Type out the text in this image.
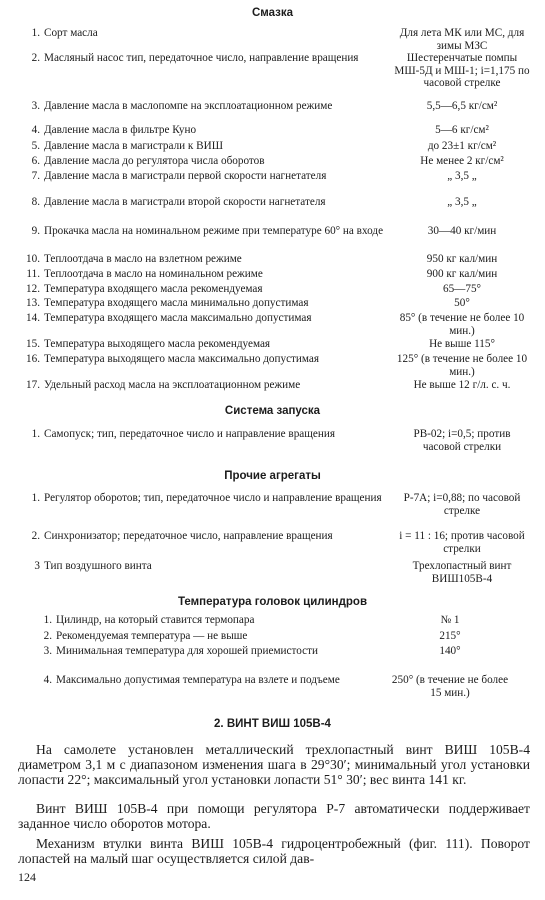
Смазка
1. Сорт масла	Для лета МК или МС, для зимы МЗС
2. Масляный насос тип, передаточное число, направление вращения	Шестеренчатые помпы МШ-5Д и МШ-1; i=1,175 по часовой стрелке
3. Давление масла в маслопомпе на эксплоатационном режиме	5,5—6,5 кг/см²
4. Давление масла в фильтре Куно	5—6 кг/см²
5. Давление масла в магистрали к ВИШ	до 23±1 кг/см²
6. Давление масла до регулятора числа оборотов	Не менее 2 кг/см²
7. Давление масла в магистрали первой скорости нагнетателя	„ 3,5 „
8. Давление масла в магистрали второй скорости нагнетателя	„ 3,5 „
9. Прокачка масла на номинальном режиме при температуре 60° на входе	30—40 кг/мин
10. Теплоотдача в масло на взлетном режиме	950 кг кал/мин
11. Теплоотдача в масло на номинальном режиме	900 кг кал/мин
12. Температура входящего масла рекомендуемая	65—75°
13. Температура входящего масла минимально допустимая	50°
14. Температура входящего масла максимально допустимая	85° (в течение не более 10 мин.)
15. Температура выходящего масла рекомендуемая	Не выше 115°
16. Температура выходящего масла максимально допустимая	125° (в течение не более 10 мин.)
17. Удельный расход масла на эксплоатационном режиме	Не выше 12 г/л. с. ч.
Система запуска
1. Самопуск; тип, передаточное число и направление вращения	РВ-02; i=0,5; против часовой стрелки
Прочие агрегаты
1. Регулятор оборотов; тип, передаточное число и направление вращения	Р-7А; i=0,88; по часовой стрелке
2. Синхронизатор; передаточное число, направление вращения	i = 11 : 16; против часовой стрелки
3 Тип воздушного винта	Трехлопастный винт ВИШ105В-4
Температура головок цилиндров
1. Цилиндр, на который ставится термопара	№ 1
2. Рекомендуемая температура — не выше	215°
3. Минимальная температура для хорошей приемистости	140°
4. Максимально допустимая температура на взлете и подъеме	250° (в течение не более 15 мин.)
2. ВИНТ ВИШ 105В-4

На самолете установлен металлический трехлопастный винт ВИШ 105В-4 диаметром 3,1 м с диапазоном изменения шага в 29°30′; минимальный угол установки лопасти 22°; максимальный угол установки лопасти 51° 30′; вес винта 141 кг.

Винт ВИШ 105В-4 при помощи регулятора Р-7 автоматически поддерживает заданное число оборотов мотора.

Механизм втулки винта ВИШ 105В-4 гидроцентробежный (фиг. 111). Поворот лопастей на малый шаг осуществляется силой дав-

124
